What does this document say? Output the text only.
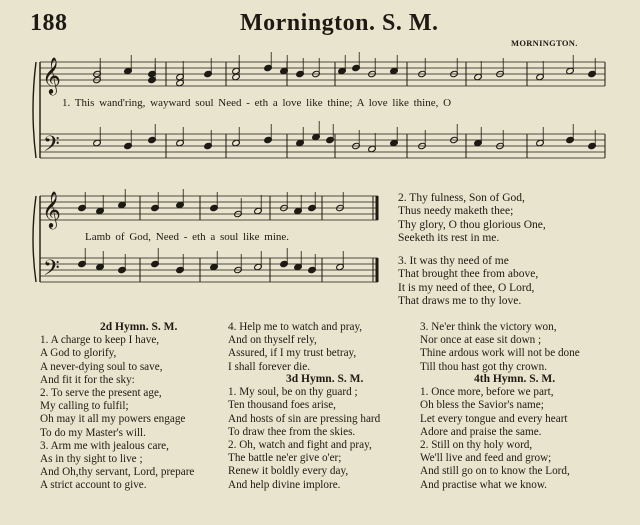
188	Mornington. S. M.
MORNINGTON.
𝄞
𝄢
𝄞
𝄢
1. This wand'ring, wayward soul Need - eth a love like thine; A love like thine, O
Lamb of God, Need - eth a soul like mine.
2. Thy fulness, Son of God,
Thus needy maketh thee;
Thy glory, O thou glorious One,
Seeketh its rest in me.
3. It was thy need of me
That brought thee from above,
It is my need of thee, O Lord,
That draws me to thy love.
2d Hymn. S. M.
1. A charge to keep I have,
A God to glorify,
A never-dying soul to save,
And fit it for the sky:
2. To serve the present age,
My calling to fulfil;
Oh may it all my powers engage
To do my Master's will.
3. Arm me with jealous care,
As in thy sight to live ;
And Oh,thy servant, Lord, prepare
A strict account to give.
4. Help me to watch and pray,
And on thyself rely,
Assured, if I my trust betray,
I shall forever die.
3d Hymn. S. M.
1. My soul, be on thy guard ;
Ten thousand foes arise,
And hosts of sin are pressing hard
To draw thee from the skies.
2. Oh, watch and fight and pray,
The battle ne'er give o'er;
Renew it boldly every day,
And help divine implore.
3. Ne'er think the victory won,
Nor once at ease sit down ;
Thine ardous work will not be done
Till thou hast got thy crown.
4th Hymn. S. M.
1. Once more, before we part,
Oh bless the Savior's name;
Let every tongue and every heart
Adore and praise the same.
2. Still on thy holy word,
We'll live and feed and grow;
And still go on to know the Lord,
And practise what we know.
